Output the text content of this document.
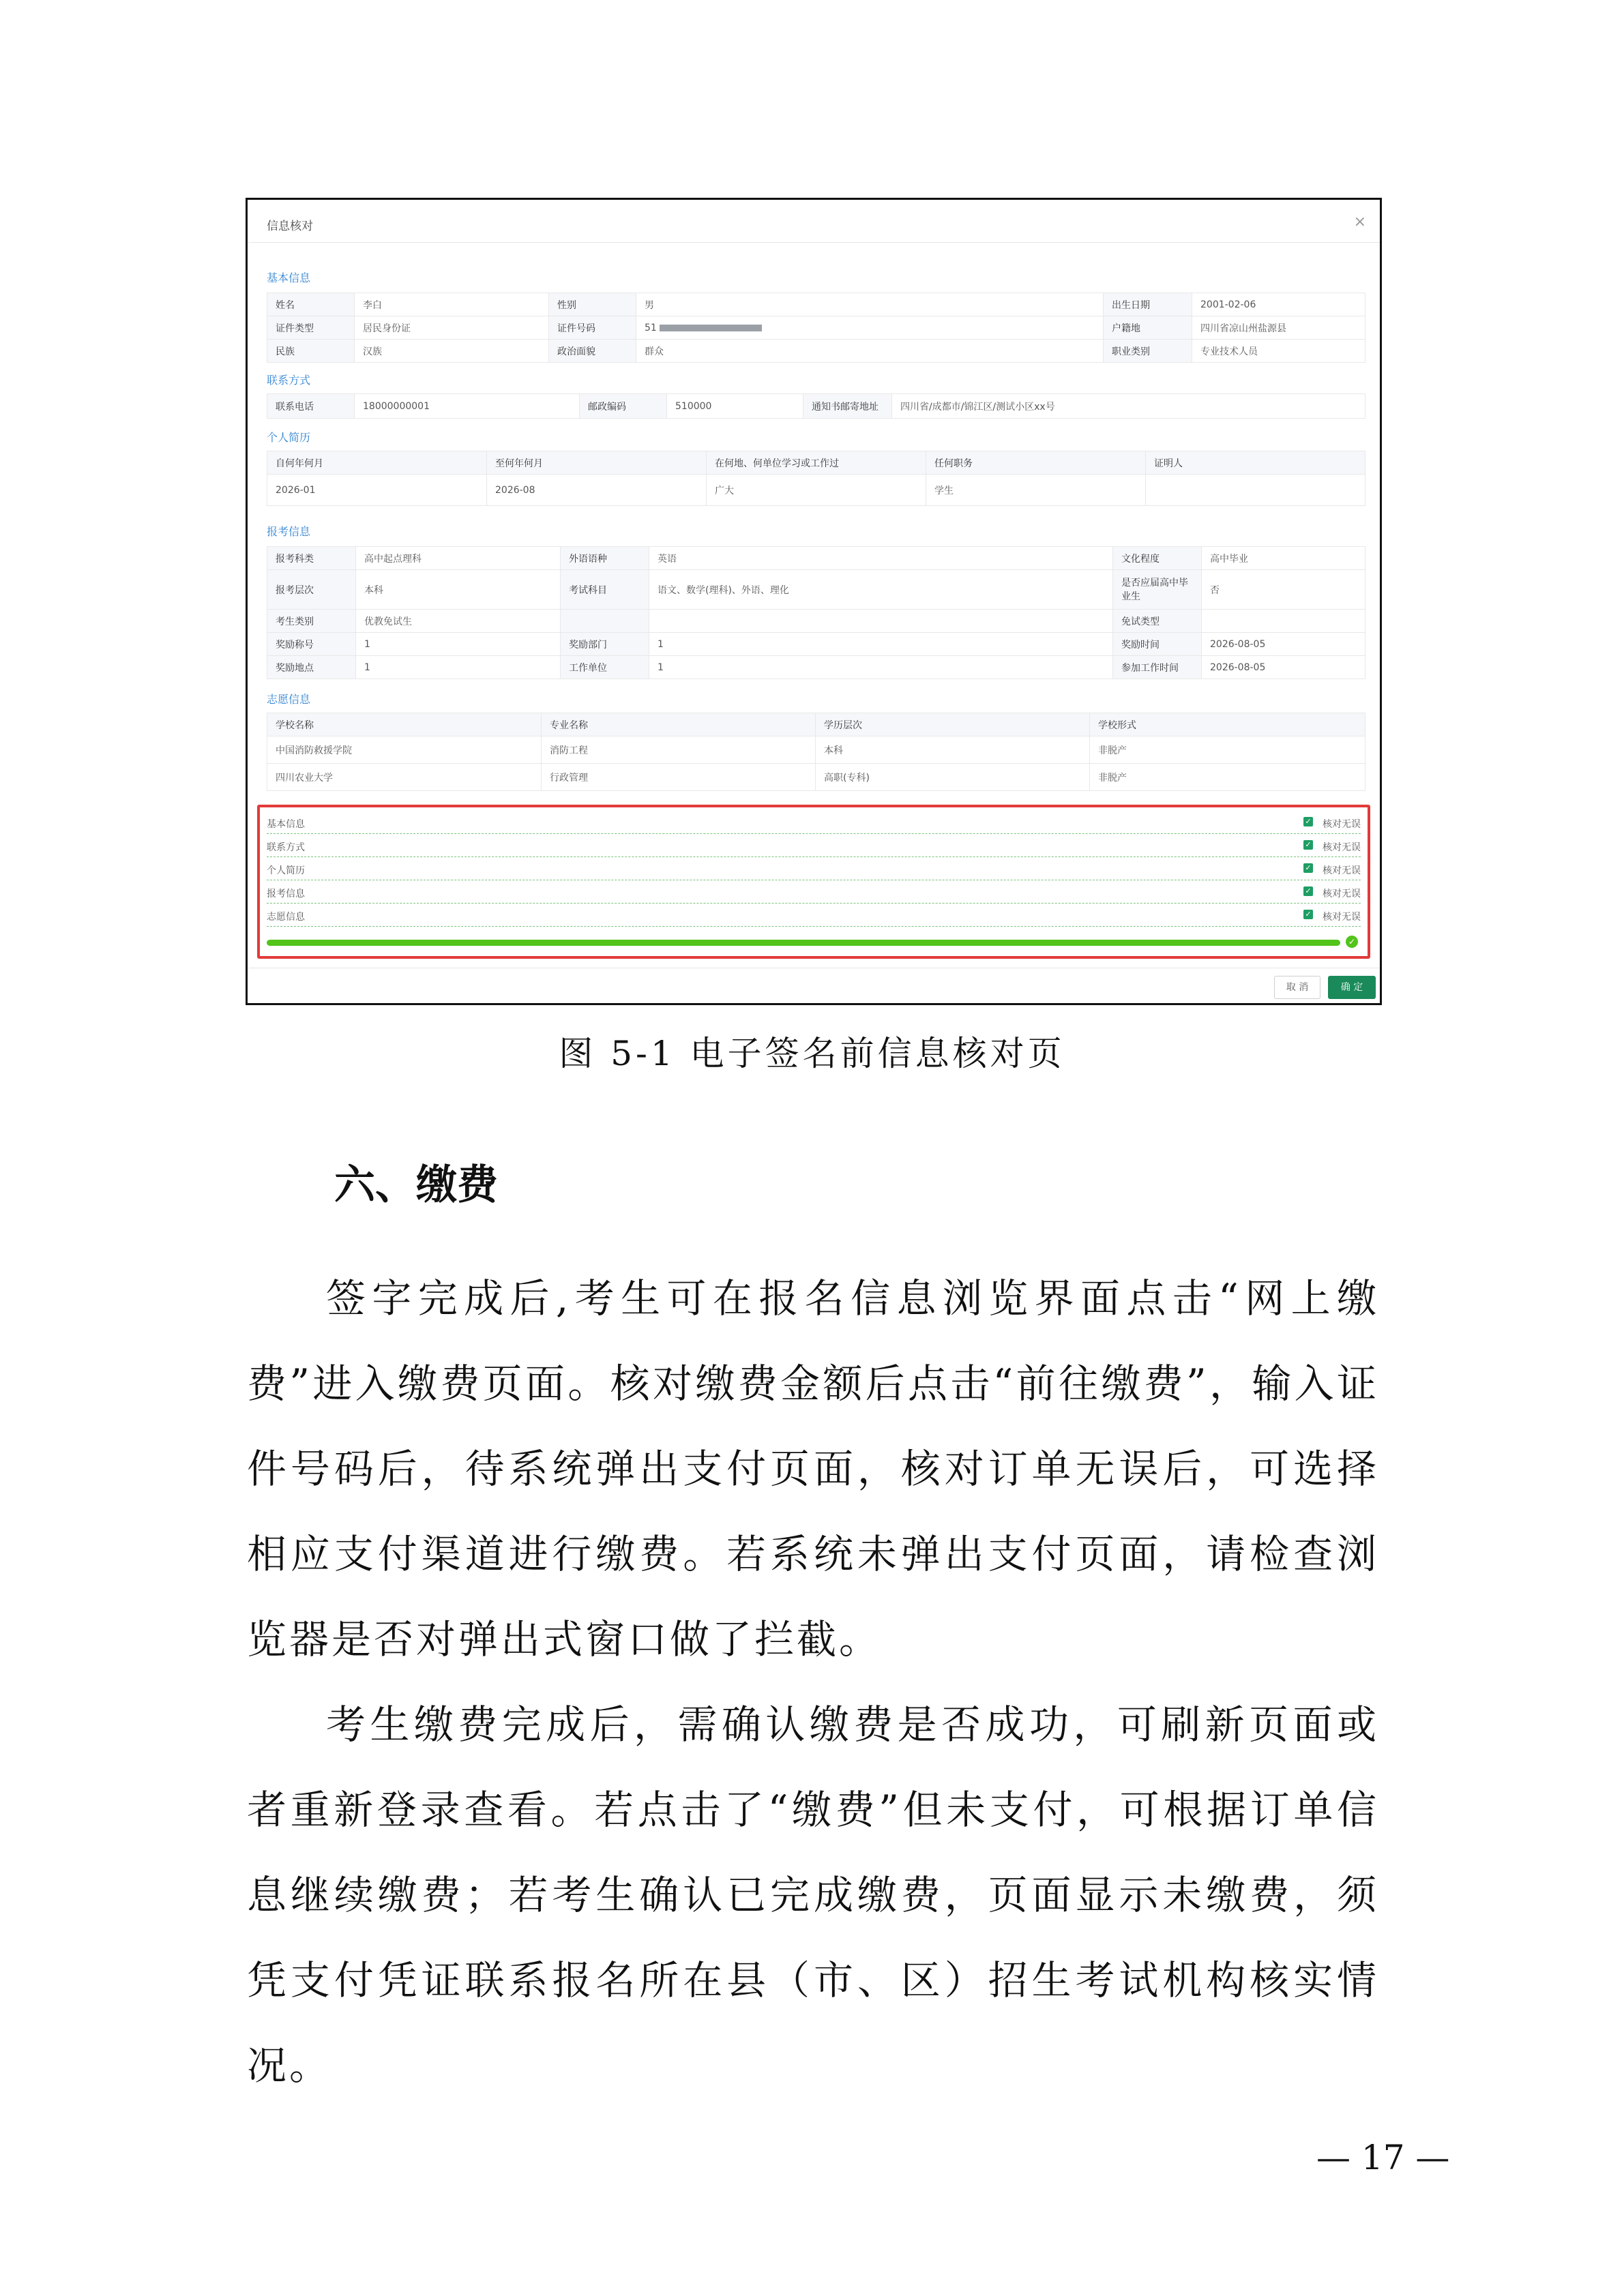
信息核对	×
基本信息
姓名	李白	性别	男	出生日期	2001-02-06
证件类型	居民身份证	证件号码	51	户籍地	四川省凉山州盐源县
民族	汉族	政治面貌	群众	职业类别	专业技术人员
联系方式
联系电话	18000000001	邮政编码	510000	通知书邮寄地址	四川省/成都市/锦江区/测试小区xx号
个人简历
自何年何月	至何年何月	在何地、何单位学习或工作过	任何职务	证明人
2026-01	2026-08	广大	学生	
报考信息
报考科类	高中起点理科	外语语种	英语	文化程度	高中毕业
报考层次	本科	考试科目	语文、数学(理科)、外语、理化	是否应届高中毕业生	否
考生类别	优教免试生			免试类型	
奖励称号	1	奖励部门	1	奖励时间	2026-08-05
奖励地点	1	工作单位	1	参加工作时间	2026-08-05
志愿信息
学校名称	专业名称	学历层次	学校形式
中国消防救援学院	消防工程	本科	非脱产
四川农业大学	行政管理	高职(专科)	非脱产
基本信息	✓ 核对无误
联系方式	✓ 核对无误
个人简历	✓ 核对无误
报考信息	✓ 核对无误
志愿信息	✓ 核对无误
✓
取 消	确 定
图 5-1 电子签名前信息核对页
六、缴费

签字完成后,考生可在报名信息浏览界面点击“网上缴费”进入缴费页面。核对缴费金额后点击“前往缴费”，输入证件号码后，待系统弹出支付页面，核对订单无误后，可选择相应支付渠道进行缴费。若系统未弹出支付页面，请检查浏览器是否对弹出式窗口做了拦截。

考生缴费完成后，需确认缴费是否成功，可刷新页面或者重新登录查看。若点击了“缴费”但未支付，可根据订单信息继续缴费；若考生确认已完成缴费，页面显示未缴费，须凭支付凭证联系报名所在县（市、区）招生考试机构核实情况。

— 17 —
